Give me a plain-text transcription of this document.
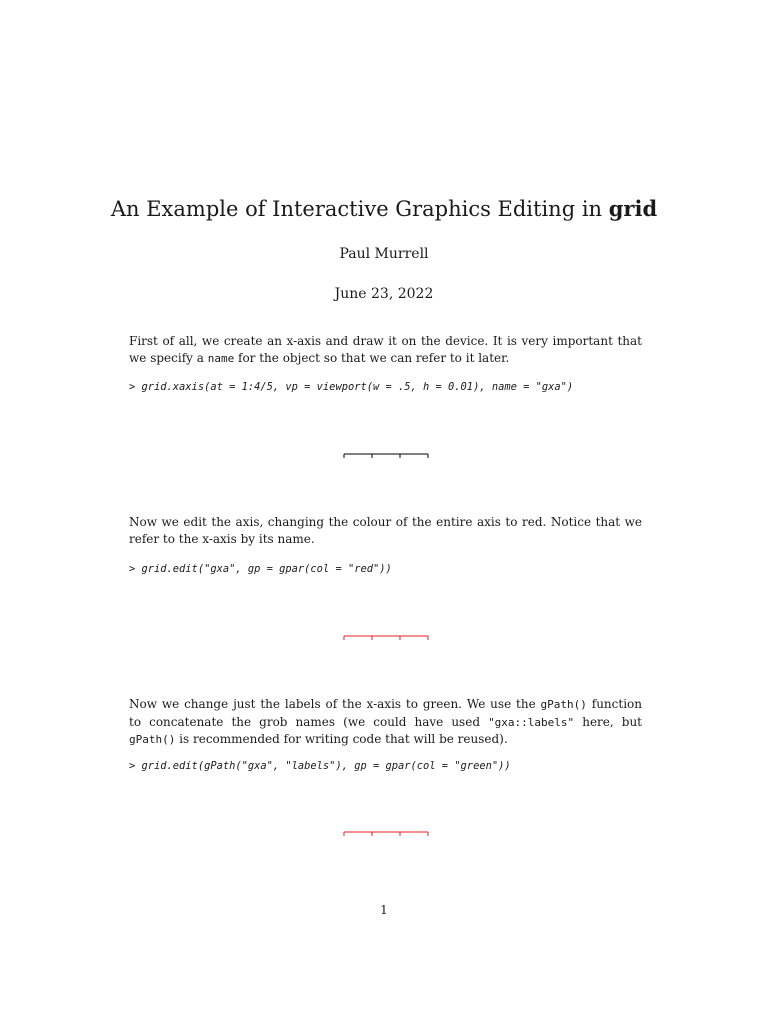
An Example of Interactive Graphics Editing in grid
Paul Murrell
June 23, 2022
First of all, we create an x-axis and draw it on the device. It is very important that we specify a name for the object so that we can refer to it later.
> grid.xaxis(at = 1:4/5, vp = viewport(w = .5, h = 0.01), name = "gxa")
Now we edit the axis, changing the colour of the entire axis to red. Notice that we refer to the x-axis by its name.
> grid.edit("gxa", gp = gpar(col = "red"))
Now we change just the labels of the x-axis to green. We use the gPath() function to concatenate the grob names (we could have used "gxa::labels" here, but gPath() is recommended for writing code that will be reused).
> grid.edit(gPath("gxa", "labels"), gp = gpar(col = "green"))
1
